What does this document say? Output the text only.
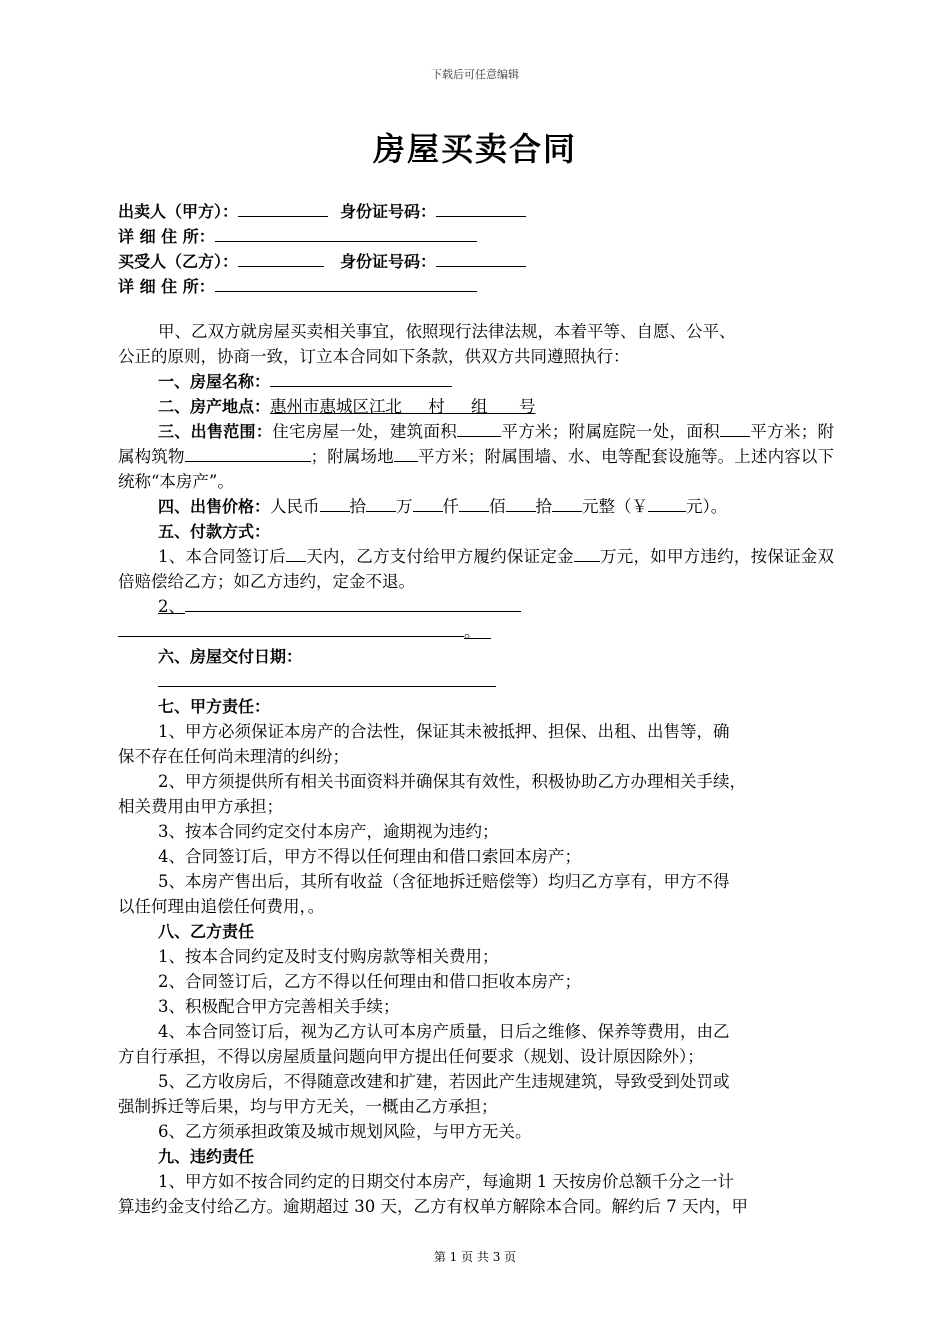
下载后可任意编辑
房屋买卖合同
出卖人（甲方）：	身份证号码：
详 细 住 所：
买受人（乙方）：	身份证号码：
详 细 住 所：

甲、乙双方就房屋买卖相关事宜，依照现行法律法规，本着平等、自愿、公平、

公正的原则，协商一致，订立本合同如下条款，供双方共同遵照执行：

一、房屋名称：

二、房产地点：惠州市惠城区江北 村 组 号

三、出售范围：住宅房屋一处，建筑面积	平方米；附属庭院一处，面积 平方米；附属构筑物	；附属场地 平方米；附属围墙、水、电等配套设施等。上述内容以下统称“本房产”。

四、出售价格：人民币 拾 万 仟 佰 拾 元整（￥ 元）。

五、付款方式：

1、本合同签订后 天内，乙方支付给甲方履约保证定金 万元，如甲方违约，按保证金双倍赔偿给乙方；如乙方违约，定金不退。

2、

。

六、房屋交付日期：

七、甲方责任：

1、甲方必须保证本房产的合法性，保证其未被抵押、担保、出租、出售等，确

保不存在任何尚未理清的纠纷；

2、甲方须提供所有相关书面资料并确保其有效性，积极协助乙方办理相关手续，

相关费用由甲方承担；

3、按本合同约定交付本房产，逾期视为违约；

4、合同签订后，甲方不得以任何理由和借口索回本房产；

5、本房产售出后，其所有收益（含征地拆迁赔偿等）均归乙方享有，甲方不得

以任何理由追偿任何费用，。

八、乙方责任

1、按本合同约定及时支付购房款等相关费用；

2、合同签订后，乙方不得以任何理由和借口拒收本房产；

3、积极配合甲方完善相关手续；

4、本合同签订后，视为乙方认可本房产质量，日后之维修、保养等费用，由乙

方自行承担，不得以房屋质量问题向甲方提出任何要求（规划、设计原因除外）；

5、乙方收房后，不得随意改建和扩建，若因此产生违规建筑，导致受到处罚或

强制拆迁等后果，均与甲方无关，一概由乙方承担；

6、乙方须承担政策及城市规划风险，与甲方无关。

九、违约责任

1、甲方如不按合同约定的日期交付本房产，每逾期 1 天按房价总额千分之一计

算违约金支付给乙方。逾期超过 30 天，乙方有权单方解除本合同。解约后 7 天内，甲

第 1 页 共 3 页
